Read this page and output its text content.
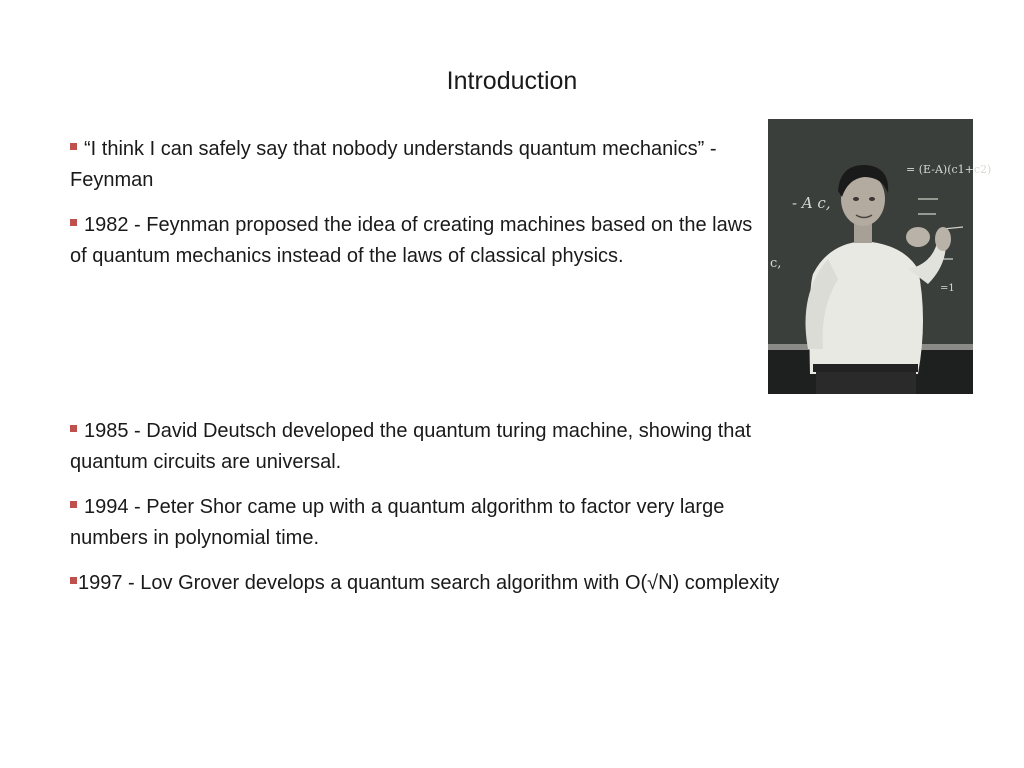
Introduction

“I think I can safely say that nobody understands quantum mechanics” - Feynman

1982 - Feynman proposed the idea of creating machines based on the laws of quantum mechanics instead of the laws of classical physics.

= (E-A)(c1+c2)
- A c,
c,
=1

1985 - David Deutsch developed the quantum turing machine, showing that quantum circuits are universal.

1994 - Peter Shor came up with a quantum algorithm to factor very large numbers in polynomial time.

1997 - Lov Grover develops a quantum search algorithm with O(√N) complexity
